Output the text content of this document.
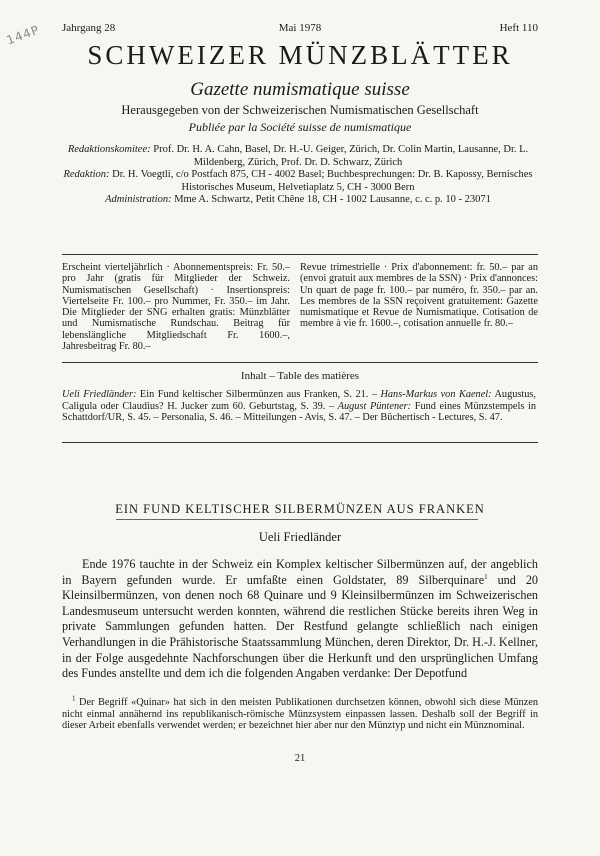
144P Jahrgang 28	Mai 1978	Heft 110
SCHWEIZER MÜNZBLÄTTER
Gazette numismatique suisse
Herausgegeben von der Schweizerischen Numismatischen Gesellschaft
Publiée par la Société suisse de numismatique

Redaktionskomitee: Prof. Dr. H. A. Cahn, Basel, Dr. H.-U. Geiger, Zürich, Dr. Colin Martin, Lausanne, Dr. L. Mildenberg, Zürich, Prof. Dr. D. Schwarz, Zürich

Redaktion: Dr. H. Voegtli, c/o Postfach 875, CH - 4002 Basel; Buchbesprechungen: Dr. B. Kapossy, Bernisches Historisches Museum, Helvetiaplatz 5, CH - 3000 Bern

Administration: Mme A. Schwartz, Petit Chêne 18, CH - 1002 Lausanne, c. c. p. 10 - 23071

Erscheint vierteljährlich · Abonnementspreis: Fr. 50.– pro Jahr (gratis für Mitglieder der Schweiz. Numismatischen Gesellschaft) · Insertionspreis: Viertelseite Fr. 100.– pro Nummer, Fr. 350.– im Jahr. Die Mitglieder der SNG erhalten gratis: Münzblätter und Numismatische Rundschau. Beitrag für lebenslängliche Mitgliedschaft Fr. 1600.–, Jahresbeitrag Fr. 80.–

Revue trimestrielle · Prix d'abonnement: fr. 50.– par an (envoi gratuit aux membres de la SSN) · Prix d'annonces: Un quart de page fr. 100.– par numéro, fr. 350.– par an. Les membres de la SSN reçoivent gratuitement: Gazette numismatique et Revue de Numismatique. Cotisation de membre à vie fr. 1600.–, cotisation annuelle fr. 80.–

Inhalt – Table des matières
Ueli Friedländer: Ein Fund keltischer Silbermünzen aus Franken, S. 21. – Hans-Markus von Kaenel: Augustus, Caligula oder Claudius? H. Jucker zum 60. Geburtstag, S. 39. – August Püntener: Fund eines Münzstempels in Schattdorf/UR, S. 45. – Personalia, S. 46. – Mitteilungen - Avis, S. 47. – Der Büchertisch - Lectures, S. 47.
EIN FUND KELTISCHER SILBERMÜNZEN AUS FRANKEN
Ueli Friedländer

Ende 1976 tauchte in der Schweiz ein Komplex keltischer Silbermünzen auf, der angeblich in Bayern gefunden wurde. Er umfaßte einen Goldstater, 89 Silberquinare$^1$ und 20 Kleinsilbermünzen, von denen noch 68 Quinare und 9 Kleinsilbermünzen im Schweizerischen Landesmuseum untersucht werden konnten, während die restlichen Stücke bereits ihren Weg in private Sammlungen gefunden hatten. Der Restfund gelangte schließlich nach einigen Verhandlungen in die Prähistorische Staatssammlung München, deren Direktor, Dr. H.-J. Kellner, in der Folge ausgedehnte Nachforschungen über die Herkunft und den ursprünglichen Umfang des Fundes anstellte und dem ich die folgenden Angaben verdanke: Der Depotfund

$^1$ Der Begriff «Quinar» hat sich in den meisten Publikationen durchsetzen können, obwohl sich diese Münzen nicht einmal annähernd ins republikanisch-römische Münzsystem einpassen lassen. Deshalb soll der Begriff in dieser Arbeit ebenfalls verwendet werden; er bezeichnet hier aber nur den Münztyp und nicht ein Münznominal.

21
